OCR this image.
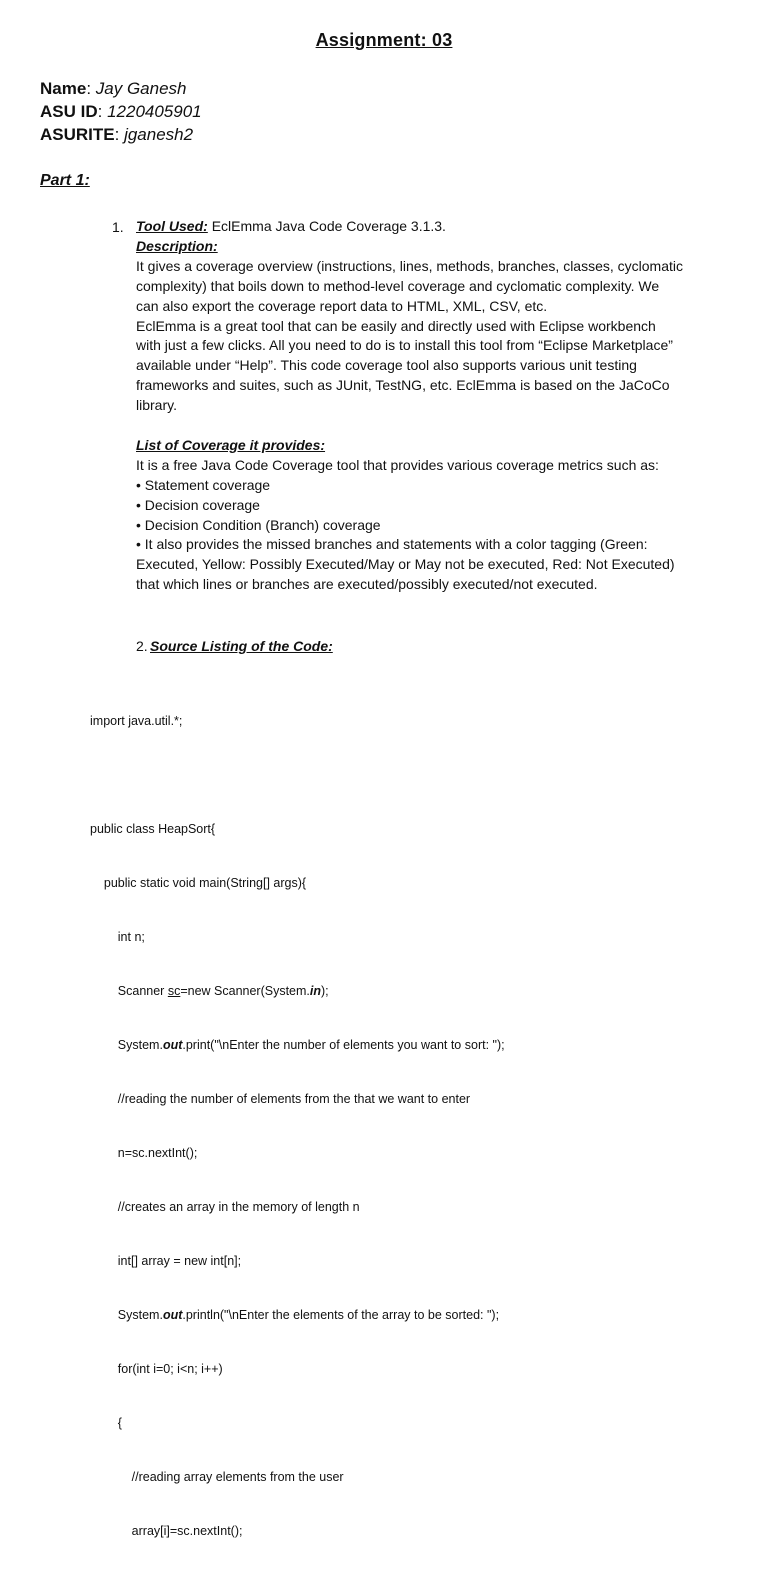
Assignment: 03
Name: Jay Ganesh
ASU ID: 1220405901
ASURITE: jganesh2
Part 1:
1. Tool Used: EclEmma Java Code Coverage 3.1.3.
Description:
It gives a coverage overview (instructions, lines, methods, branches, classes, cyclomatic
complexity) that boils down to method-level coverage and cyclomatic complexity. We
can also export the coverage report data to HTML, XML, CSV, etc.
EclEmma is a great tool that can be easily and directly used with Eclipse workbench
with just a few clicks. All you need to do is to install this tool from “Eclipse Marketplace”
available under “Help”. This code coverage tool also supports various unit testing
frameworks and suites, such as JUnit, TestNG, etc. EclEmma is based on the JaCoCo
library.
List of Coverage it provides:
It is a free Java Code Coverage tool that provides various coverage metrics such as:
• Statement coverage
• Decision coverage
• Decision Condition (Branch) coverage
• It also provides the missed branches and statements with a color tagging (Green:
Executed, Yellow: Possibly Executed/May or May not be executed, Red: Not Executed)
that which lines or branches are executed/possibly executed/not executed.
2. Source Listing of the Code:

import java.util.*;

public class HeapSort{

public static void main(String[] args){

int n;

Scanner sc=new Scanner(System.in);

System.out.print("\nEnter the number of elements you want to sort: ");

//reading the number of elements from the that we want to enter

n=sc.nextInt();

//creates an array in the memory of length n

int[] array = new int[n];

System.out.println("\nEnter the elements of the array to be sorted: ");

for(int i=0; i<n; i++)

{

//reading array elements from the user

array[i]=sc.nextInt();
